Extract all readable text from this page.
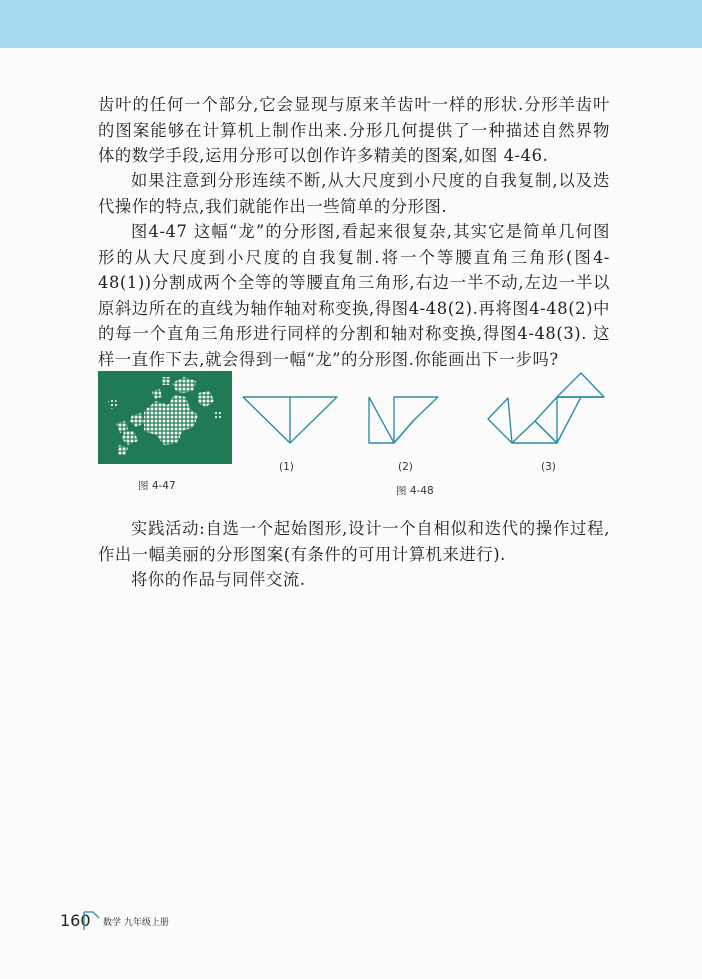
齿叶的任何一个部分,它会显现与原来羊齿叶一样的形状.分形羊齿叶的图案能够在计算机上制作出来.分形几何提供了一种描述自然界物体的数学手段,运用分形可以创作许多精美的图案,如图 4-46.

如果注意到分形连续不断,从大尺度到小尺度的自我复制,以及迭代操作的特点,我们就能作出一些简单的分形图.

图4-47 这幅“龙”的分形图,看起来很复杂,其实它是简单几何图形的从大尺度到小尺度的自我复制.将一个等腰直角三角形(图4-48(1))分割成两个全等的等腰直角三角形,右边一半不动,左边一半以原斜边所在的直线为轴作轴对称变换,得图4-48(2).再将图4-48(2)中的每一个直角三角形进行同样的分割和轴对称变换,得图4-48(3). 这样一直作下去,就会得到一幅“龙”的分形图.你能画出下一步吗?

图 4-47
(1)	(2)	(3)
图 4-48

实践活动:自选一个起始图形,设计一个自相似和迭代的操作过程,作出一幅美丽的分形图案(有条件的可用计算机来进行).

将你的作品与同伴交流.

160 数学 九年级上册
